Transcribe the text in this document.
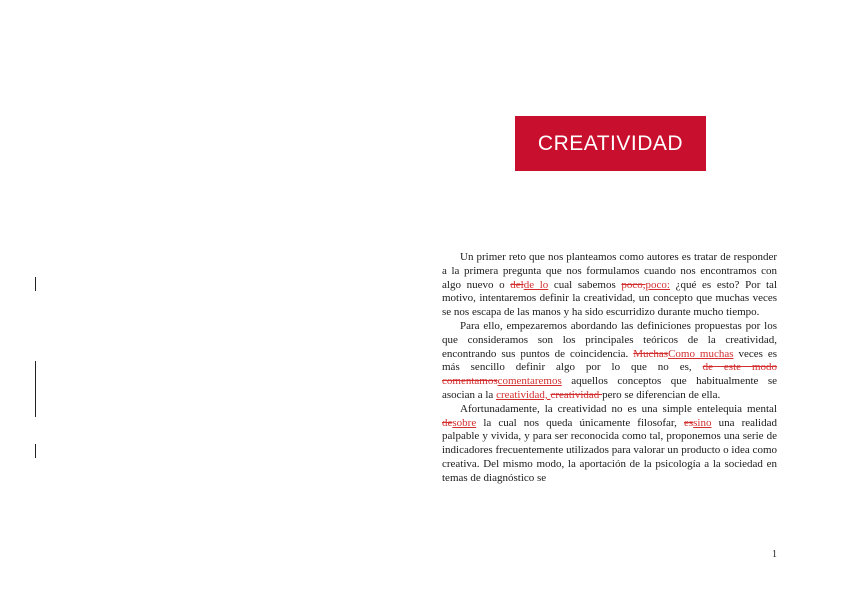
CREATIVIDAD

Un primer reto que nos planteamos como autores es tratar de responder a la primera pregunta que nos formulamos cuando nos encontramos con algo nuevo o delde lo cual sabemos poco,poco: ¿qué es esto? Por tal motivo, intentaremos definir la creatividad, un concepto que muchas veces se nos escapa de las manos y ha sido escurridizo durante mucho tiempo.

Para ello, empezaremos abordando las definiciones propuestas por los que consideramos son los principales teóricos de la creatividad, encontrando sus puntos de coincidencia. MuchasComo muchas veces es más sencillo definir algo por lo que no es, de este modo comentamoscomentaremos aquellos conceptos que habitualmente se asocian a la creatividad, creatividad pero se diferencian de ella.

Afortunadamente, la creatividad no es una simple entelequia mental desobre la cual nos queda únicamente filosofar, essino una realidad palpable y vivida, y para ser reconocida como tal, proponemos una serie de indicadores frecuentemente utilizados para valorar un producto o idea como creativa. Del mismo modo, la aportación de la psicología a la sociedad en temas de diagnóstico se

1
